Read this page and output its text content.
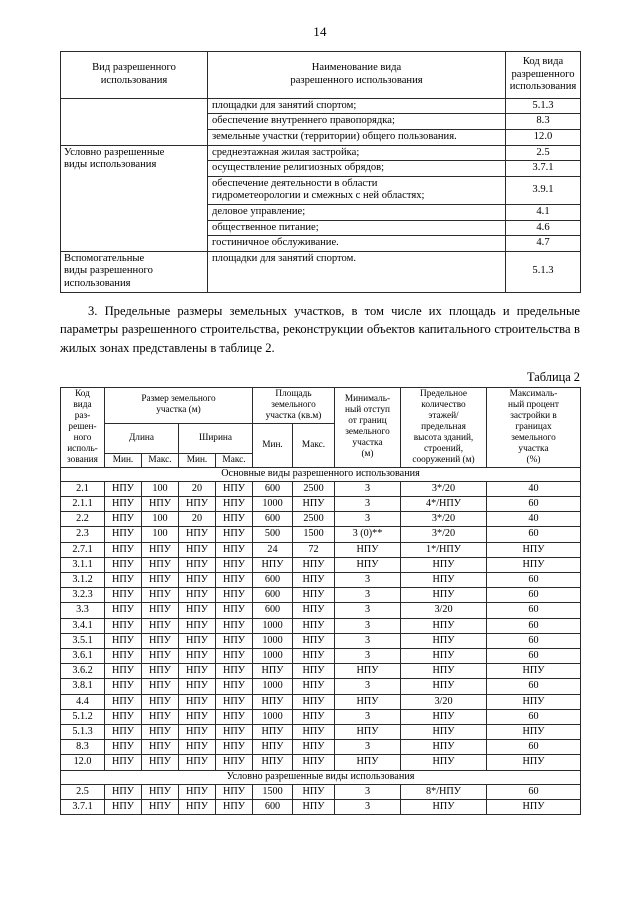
14
Вид разрешенного
использования

Наименование вида
разрешенного использования

Код вида
разрешенного
использования

	площадки для занятий спортом;	5.1.3
	обеспечение внутреннего правопорядка;	8.3
	земельные участки (территории) общего пользования.	12.0

Условно разрешенные
виды использования	среднеэтажная жилая застройка;	2.5
	осуществление религиозных обрядов;	3.7.1

	обеспечение деятельности в области
гидрометеорологии и смежных с ней областях;	3.9.1
	деловое управление;	4.1
	общественное питание;	4.6
	гостиничное обслуживание.	4.7

Вспомогательные
виды разрешенного
использования	площадки для занятий спортом.	5.1.3

3. Предельные размеры земельных участков, в том числе их площадь и предельные параметры разрешенного строительства, реконструкции объектов капитального строительства в жилых зонах представлены в таблице 2.

Таблица 2
Код
вида
раз-
решен-
ного
исполь-
зования

Размер земельного
участка (м)

Площадь
земельного
участка (кв.м)

Минималь-
ный отступ
от границ
земельного
участка
(м)

Предельное
количество
этажей/
предельная
высота зданий,
строений,
сооружений (м)

Максималь-
ный процент
застройки в
границах
земельного
участка
(%)

	Длина		Ширина		Мин.	Макс.			
	Мин.	Макс.	Мин.	Макс.					
Основные виды разрешенного использования									
2.1	НПУ	100	20	НПУ	600	2500	3	3*/20	40
2.1.1	НПУ	НПУ	НПУ	НПУ	1000	НПУ	3	4*/НПУ	60
2.2	НПУ	100	20	НПУ	600	2500	3	3*/20	40
2.3	НПУ	100	НПУ	НПУ	500	1500	3 (0)**	3*/20	60
2.7.1	НПУ	НПУ	НПУ	НПУ	24	72	НПУ	1*/НПУ	НПУ
3.1.1	НПУ	НПУ	НПУ	НПУ	НПУ	НПУ	НПУ	НПУ	НПУ
3.1.2	НПУ	НПУ	НПУ	НПУ	600	НПУ	3	НПУ	60
3.2.3	НПУ	НПУ	НПУ	НПУ	600	НПУ	3	НПУ	60
3.3	НПУ	НПУ	НПУ	НПУ	600	НПУ	3	3/20	60
3.4.1	НПУ	НПУ	НПУ	НПУ	1000	НПУ	3	НПУ	60
3.5.1	НПУ	НПУ	НПУ	НПУ	1000	НПУ	3	НПУ	60
3.6.1	НПУ	НПУ	НПУ	НПУ	1000	НПУ	3	НПУ	60
3.6.2	НПУ	НПУ	НПУ	НПУ	НПУ	НПУ	НПУ	НПУ	НПУ
3.8.1	НПУ	НПУ	НПУ	НПУ	1000	НПУ	3	НПУ	60
4.4	НПУ	НПУ	НПУ	НПУ	НПУ	НПУ	НПУ	3/20	НПУ
5.1.2	НПУ	НПУ	НПУ	НПУ	1000	НПУ	3	НПУ	60
5.1.3	НПУ	НПУ	НПУ	НПУ	НПУ	НПУ	НПУ	НПУ	НПУ
8.3	НПУ	НПУ	НПУ	НПУ	НПУ	НПУ	3	НПУ	60
12.0	НПУ	НПУ	НПУ	НПУ	НПУ	НПУ	НПУ	НПУ	НПУ
Условно разрешенные виды использования									
2.5	НПУ	НПУ	НПУ	НПУ	1500	НПУ	3	8*/НПУ	60
3.7.1	НПУ	НПУ	НПУ	НПУ	600	НПУ	3	НПУ	НПУ
